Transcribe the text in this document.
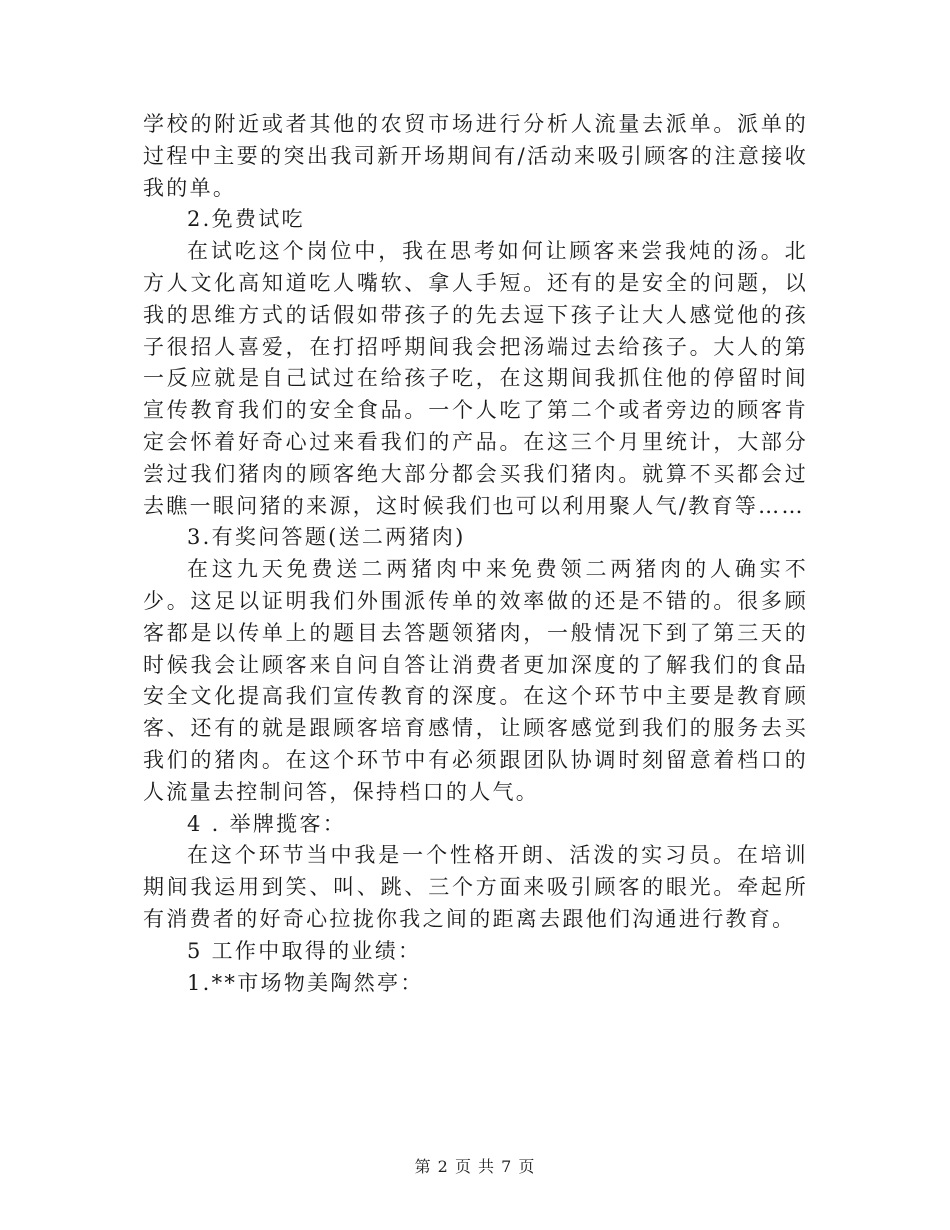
学校的附近或者其他的农贸市场进行分析人流量去派单。派单的过程中主要的突出我司新开场期间有/活动来吸引顾客的注意接收我的单。

2.免费试吃

在试吃这个岗位中，我在思考如何让顾客来尝我炖的汤。北方人文化高知道吃人嘴软、拿人手短。还有的是安全的问题，以我的思维方式的话假如带孩子的先去逗下孩子让大人感觉他的孩子很招人喜爱，在打招呼期间我会把汤端过去给孩子。大人的第一反应就是自己试过在给孩子吃，在这期间我抓住他的停留时间宣传教育我们的安全食品。一个人吃了第二个或者旁边的顾客肯定会怀着好奇心过来看我们的产品。在这三个月里统计，大部分尝过我们猪肉的顾客绝大部分都会买我们猪肉。就算不买都会过去瞧一眼问猪的来源，这时候我们也可以利用聚人气/教育等……

3.有奖问答题(送二两猪肉)

在这九天免费送二两猪肉中来免费领二两猪肉的人确实不少。这足以证明我们外围派传单的效率做的还是不错的。很多顾客都是以传单上的题目去答题领猪肉，一般情况下到了第三天的时候我会让顾客来自问自答让消费者更加深度的了解我们的食品安全文化提高我们宣传教育的深度。在这个环节中主要是教育顾客、还有的就是跟顾客培育感情，让顾客感觉到我们的服务去买我们的猪肉。在这个环节中有必须跟团队协调时刻留意着档口的人流量去控制问答，保持档口的人气。

4 . 举牌揽客：

在这个环节当中我是一个性格开朗、活泼的实习员。在培训期间我运用到笑、叫、跳、三个方面来吸引顾客的眼光。牵起所有消费者的好奇心拉拢你我之间的距离去跟他们沟通进行教育。

5 工作中取得的业绩：

1.**市场物美陶然亭：

第 2 页 共 7 页
